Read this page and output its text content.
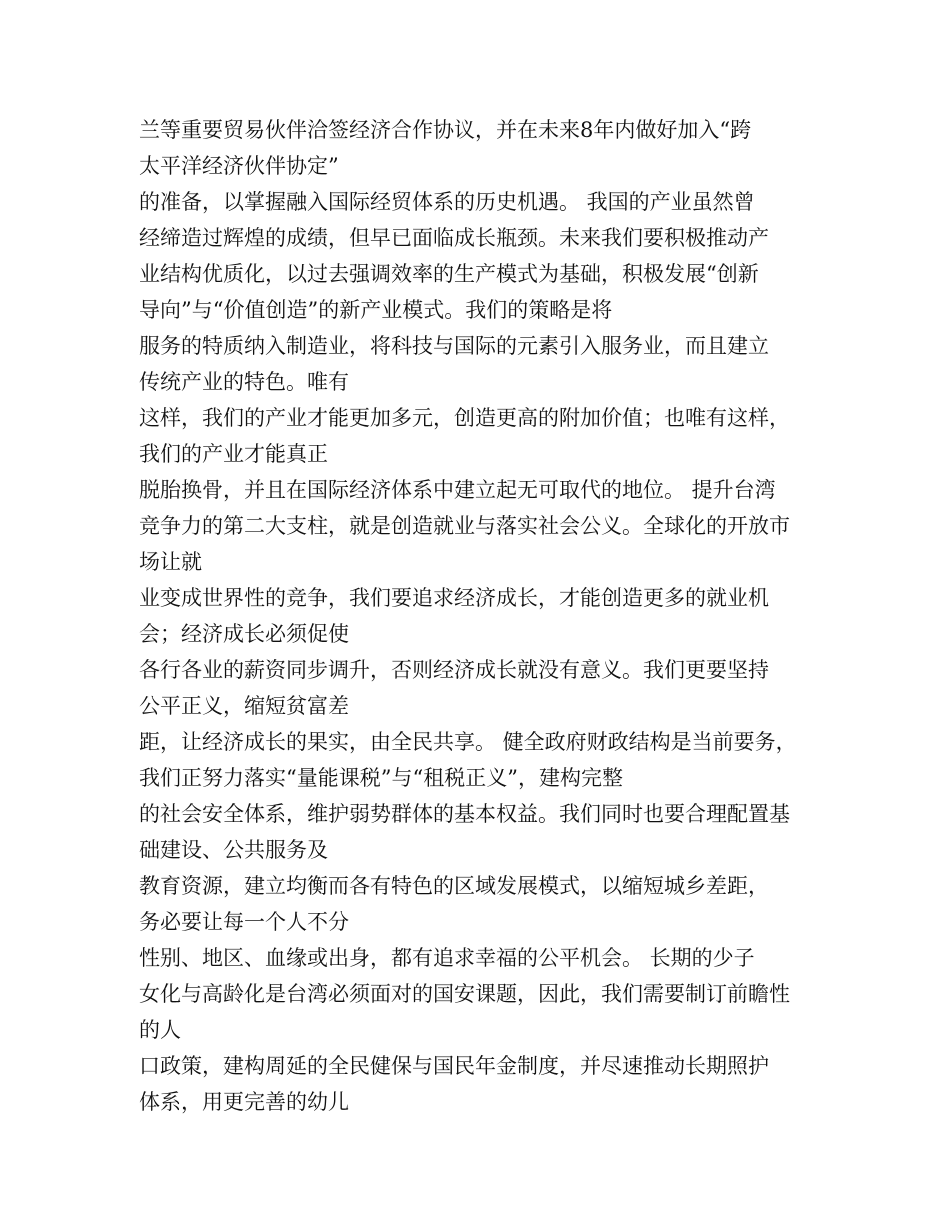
兰等重要贸易伙伴洽签经济合作协议，并在未来8年内做好加入“跨
太平洋经济伙伴协定”
的准备，以掌握融入国际经贸体系的历史机遇。 我国的产业虽然曾
经缔造过辉煌的成绩，但早已面临成长瓶颈。未来我们要积极推动产
业结构优质化，以过去强调效率的生产模式为基础，积极发展“创新
导向”与“价值创造”的新产业模式。我们的策略是将
服务的特质纳入制造业，将科技与国际的元素引入服务业，而且建立
传统产业的特色。唯有
这样，我们的产业才能更加多元，创造更高的附加价值；也唯有这样，
我们的产业才能真正
脱胎换骨，并且在国际经济体系中建立起无可取代的地位。 提升台湾
竞争力的第二大支柱，就是创造就业与落实社会公义。全球化的开放市
场让就
业变成世界性的竞争，我们要追求经济成长，才能创造更多的就业机
会；经济成长必须促使
各行各业的薪资同步调升，否则经济成长就没有意义。我们更要坚持
公平正义，缩短贫富差
距，让经济成长的果实，由全民共享。 健全政府财政结构是当前要务，
我们正努力落实“量能课税”与“租税正义”，建构完整
的社会安全体系，维护弱势群体的基本权益。我们同时也要合理配置基
础建设、公共服务及
教育资源，建立均衡而各有特色的区域发展模式，以缩短城乡差距，
务必要让每一个人不分
性别、地区、血缘或出身，都有追求幸福的公平机会。 长期的少子
女化与高龄化是台湾必须面对的国安课题，因此，我们需要制订前瞻性
的人
口政策，建构周延的全民健保与国民年金制度，并尽速推动长期照护
体系，用更完善的幼儿
